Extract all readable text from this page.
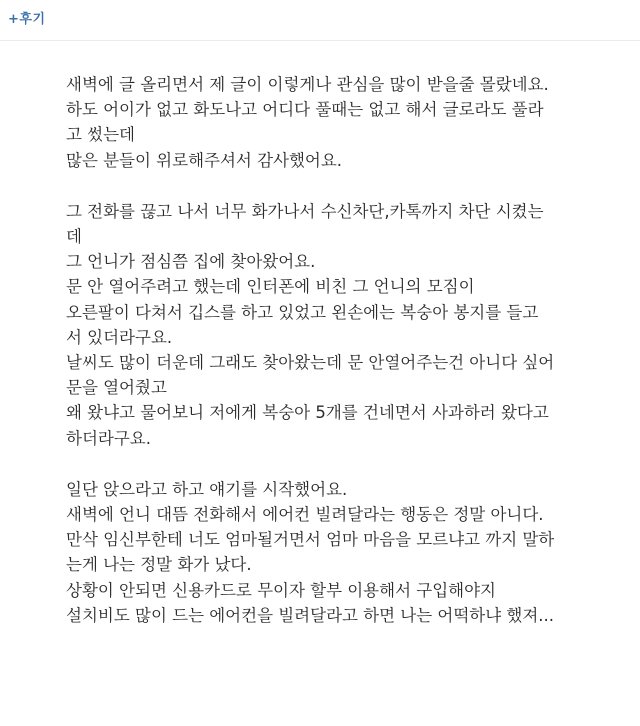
+후기
새벽에 글 올리면서 제 글이 이렇게나 관심을 많이 받을줄 몰랐네요.
하도 어이가 없고 화도나고 어디다 풀때는 없고 해서 글로라도 풀라
고 썼는데
많은 분들이 위로해주셔서 감사했어요.
그 전화를 끊고 나서 너무 화가나서 수신차단,카톡까지 차단 시켰는
데
그 언니가 점심쯤 집에 찾아왔어요.
문 안 열어주려고 했는데 인터폰에 비친 그 언니의 모짐이
오른팔이 다쳐서 깁스를 하고 있었고 왼손에는 복숭아 봉지를 들고
서 있더라구요.
날씨도 많이 더운데 그래도 찾아왔는데 문 안열어주는건 아니다 싶어
문을 열어줬고
왜 왔냐고 물어보니 저에게 복숭아 5개를 건네면서 사과하러 왔다고
하더라구요.
일단 앉으라고 하고 얘기를 시작했어요.
새벽에 언니 대뜸 전화해서 에어컨 빌려달라는 행동은 정말 아니다.
만삭 임신부한테 너도 엄마될거면서 엄마 마음을 모르냐고 까지 말하
는게 나는 정말 화가 났다.
상황이 안되면 신용카드로 무이자 할부 이용해서 구입해야지
설치비도 많이 드는 에어컨을 빌려달라고 하면 나는 어떡하냐 했져...
